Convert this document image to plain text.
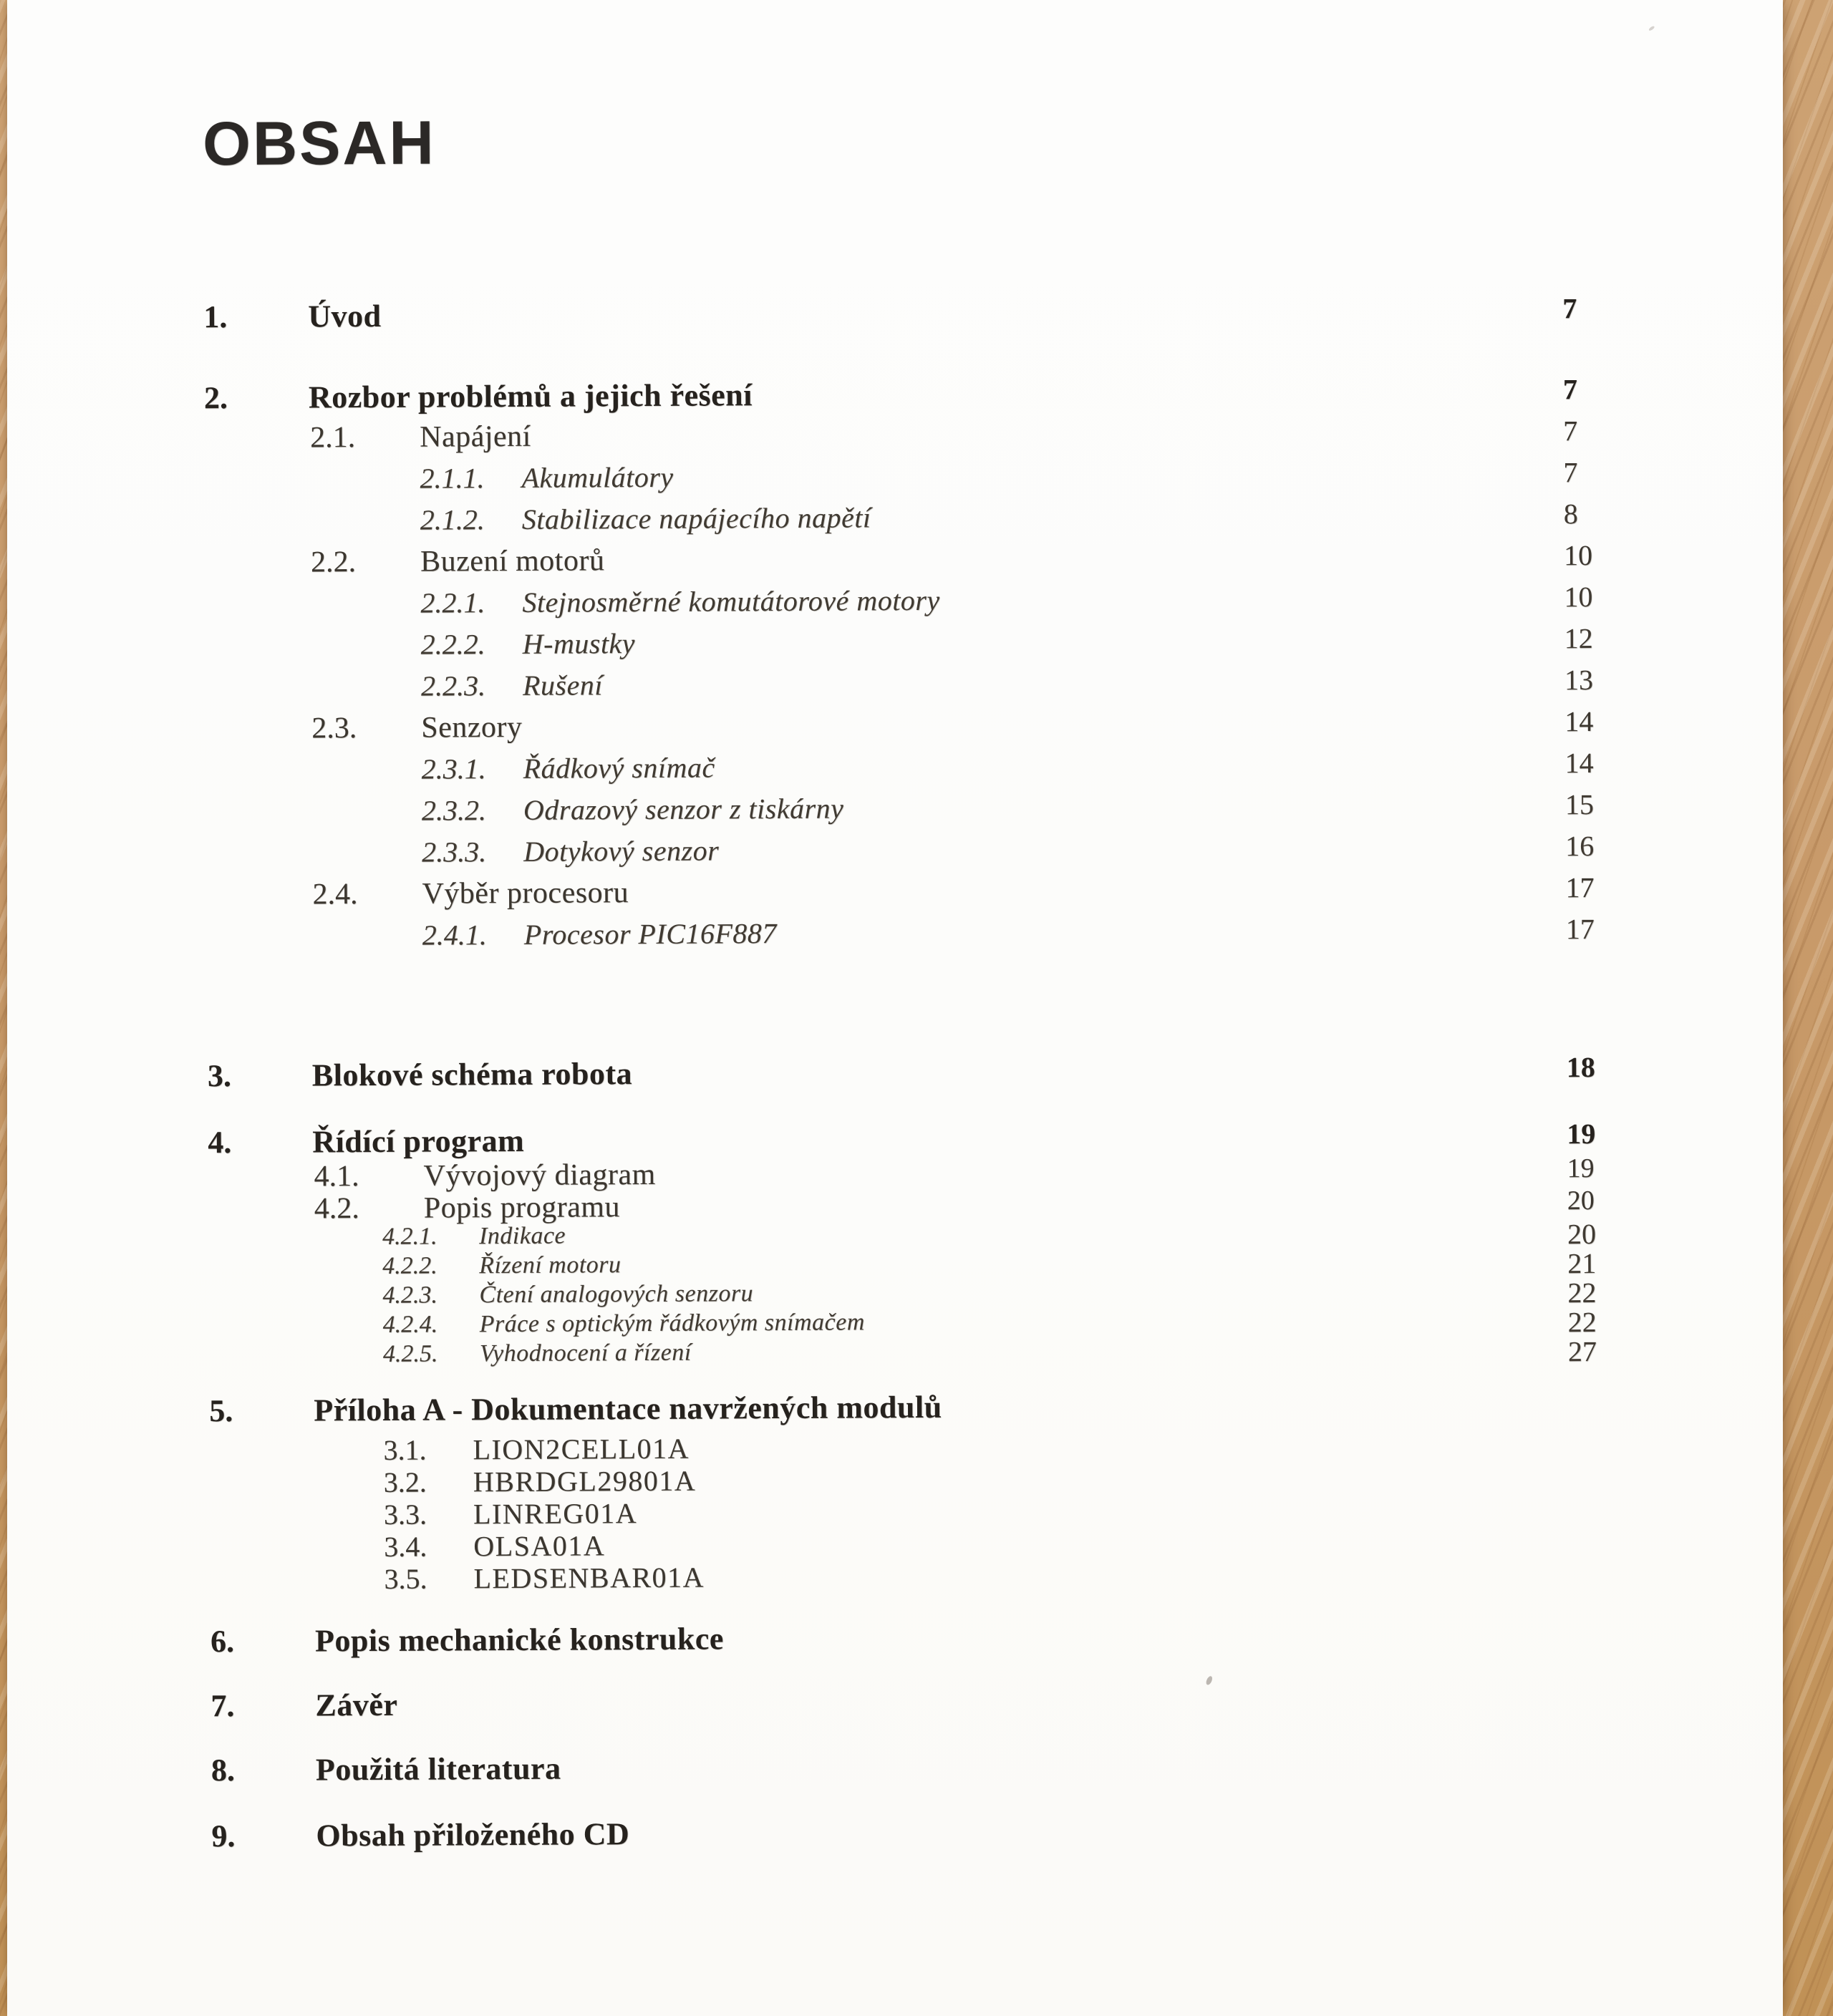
OBSAH
1.	Úvod	7
2.	Rozbor problémů a jejich řešení	7
2.1. Napájení	7
2.1.1. Akumulátory	7
2.1.2. Stabilizace napájecího napětí	8
2.2. Buzení motorů	10
2.2.1. Stejnosměrné komutátorové motory	10
2.2.2. H-mustky	12
2.2.3. Rušení	13
2.3. Senzory	14
2.3.1. Řádkový snímač	14
2.3.2. Odrazový senzor z tiskárny	15
2.3.3. Dotykový senzor	16
2.4. Výběr procesoru	17
2.4.1. Procesor PIC16F887	17
3.	Blokové schéma robota	18
4.	Řídící program	19
4.1. Vývojový diagram	19
4.2. Popis programu	20
4.2.1. Indikace	20
4.2.2. Řízení motoru	21
4.2.3. Čtení analogových senzoru	22
4.2.4. Práce s optickým řádkovým snímačem	22
4.2.5. Vyhodnocení a řízení	27
5.	Příloha A - Dokumentace navržených modulů
3.1. LION2CELL01A
3.2. HBRDGL29801A
3.3. LINREG01A
3.4. OLSA01A
3.5. LEDSENBAR01A
6.	Popis mechanické konstrukce
7.	Závěr
8.	Použitá literatura
9.	Obsah přiloženého CD
